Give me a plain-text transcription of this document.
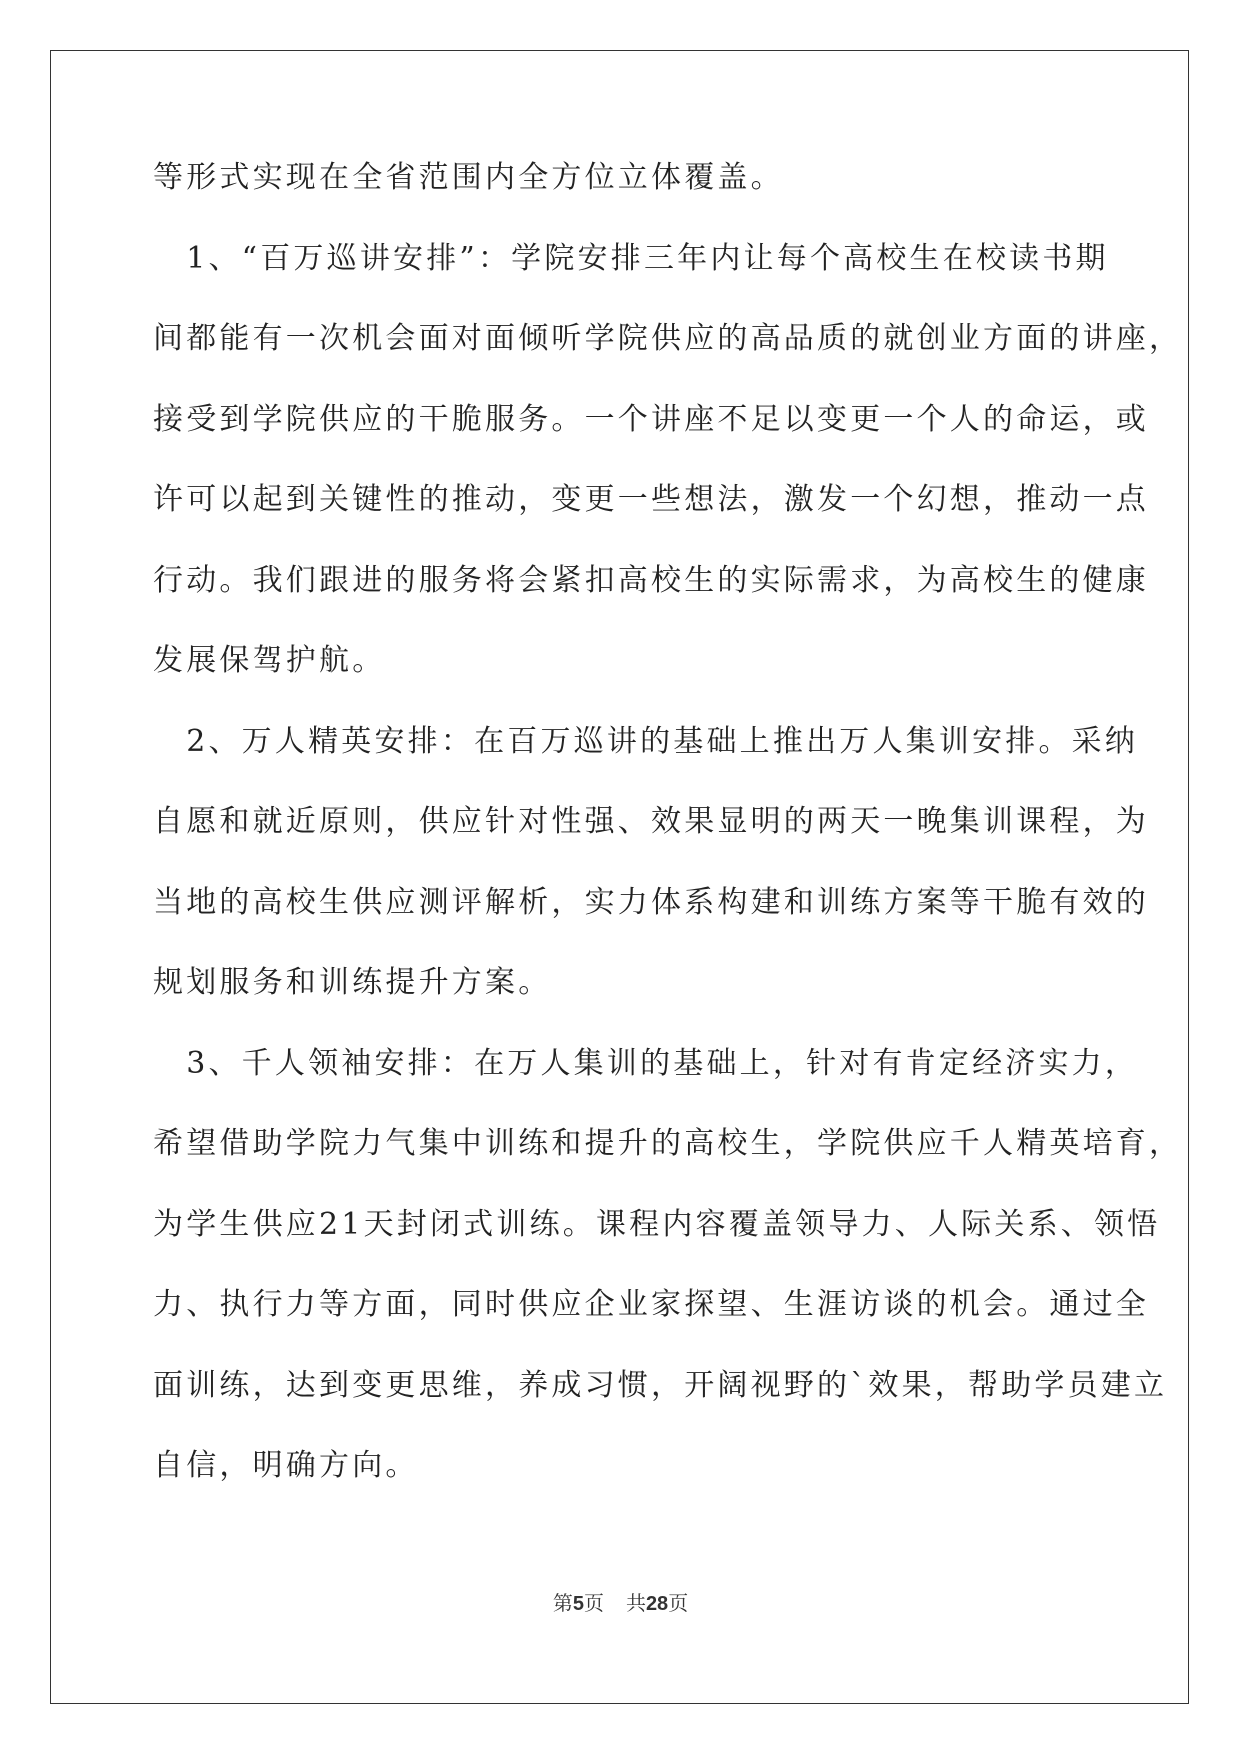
等形式实现在全省范围内全方位立体覆盖。
　1、“百万巡讲安排”：学院安排三年内让每个高校生在校读书期
间都能有一次机会面对面倾听学院供应的高品质的就创业方面的讲座，
接受到学院供应的干脆服务。一个讲座不足以变更一个人的命运，或
许可以起到关键性的推动，变更一些想法，激发一个幻想，推动一点
行动。我们跟进的服务将会紧扣高校生的实际需求，为高校生的健康
发展保驾护航。
　2、万人精英安排：在百万巡讲的基础上推出万人集训安排。采纳
自愿和就近原则，供应针对性强、效果显明的两天一晚集训课程，为
当地的高校生供应测评解析，实力体系构建和训练方案等干脆有效的
规划服务和训练提升方案。
　3、千人领袖安排：在万人集训的基础上，针对有肯定经济实力，
希望借助学院力气集中训练和提升的高校生，学院供应千人精英培育，
为学生供应21天封闭式训练。课程内容覆盖领导力、人际关系、领悟
力、执行力等方面，同时供应企业家探望、生涯访谈的机会。通过全
面训练，达到变更思维，养成习惯，开阔视野的`效果，帮助学员建立
自信，明确方向。
第5页 共28页
